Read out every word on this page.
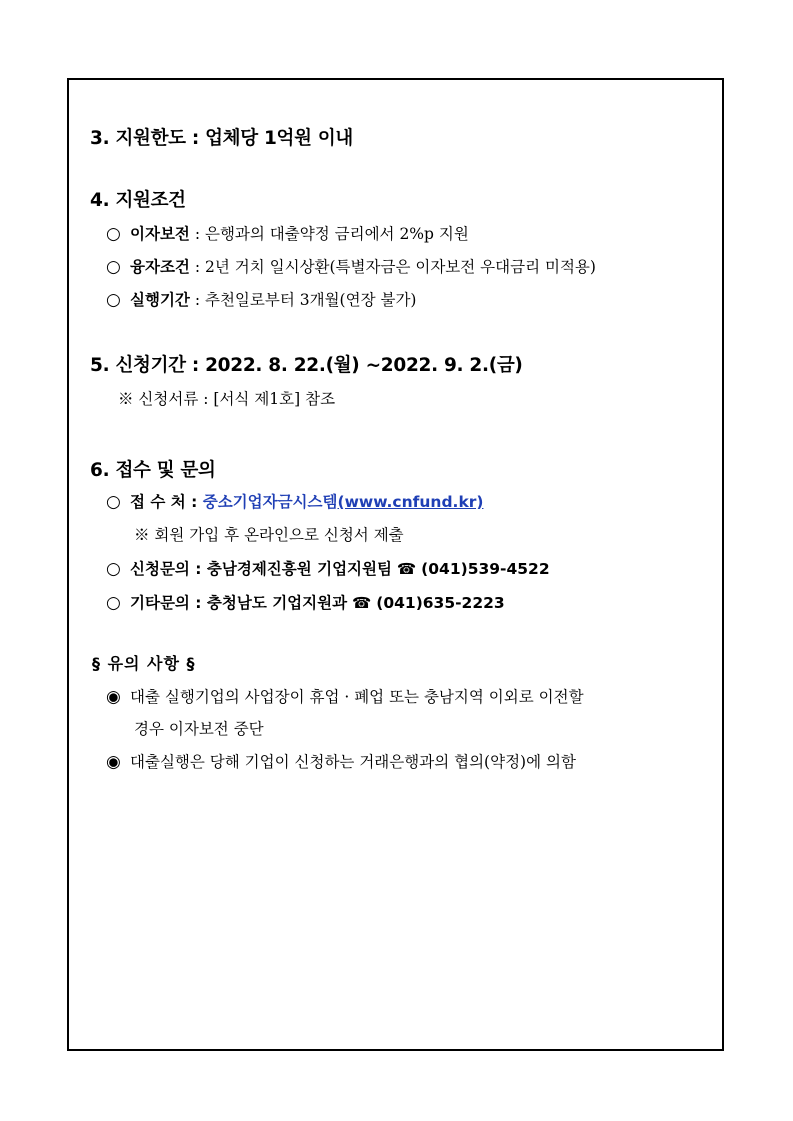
3. 지원한도 : 업체당 1억원 이내
4. 지원조건
○ 이자보전 : 은행과의 대출약정 금리에서 2%p 지원
○ 융자조건 : 2년 거치 일시상환(특별자금은 이자보전 우대금리 미적용)
○ 실행기간 : 추천일로부터 3개월(연장 불가)
5. 신청기간 : 2022. 8. 22.(월) ~2022. 9. 2.(금)
※ 신청서류 : [서식 제1호] 참조
6. 접수 및 문의
○ 접 수 처 : 중소기업자금시스템(www.cnfund.kr)
※ 회원 가입 후 온라인으로 신청서 제출
○ 신청문의 : 충남경제진흥원 기업지원팀 ☎ (041)539-4522
○ 기타문의 : 충청남도 기업지원과 ☎ (041)635-2223
§ 유의 사항 §
◉ 대출 실행기업의 사업장이 휴업 · 폐업 또는 충남지역 이외로 이전할
경우 이자보전 중단
◉ 대출실행은 당해 기업이 신청하는 거래은행과의 협의(약정)에 의함
